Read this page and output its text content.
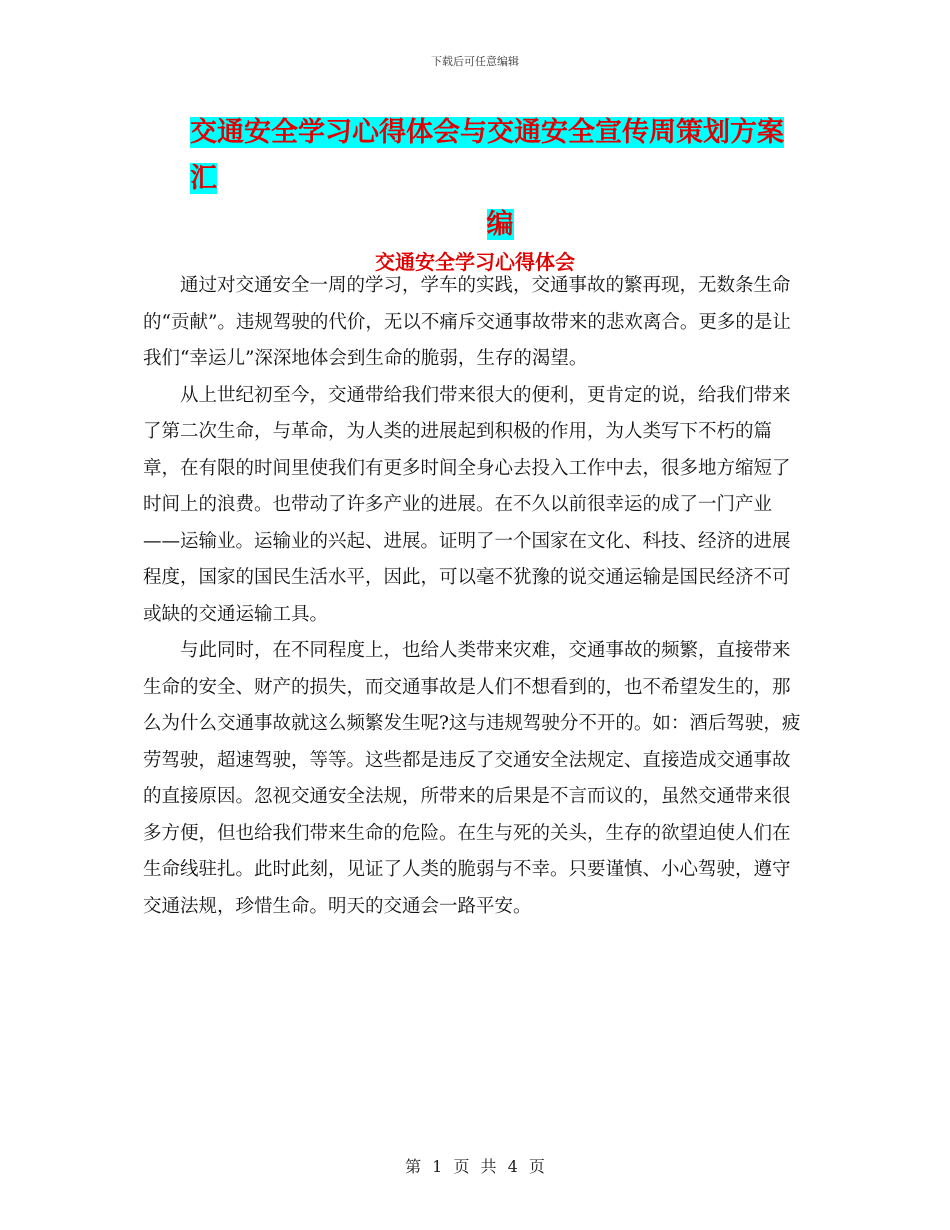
下载后可任意编辑
交通安全学习心得体会与交通安全宣传周策划方案汇
编
交通安全学习心得体会

通过对交通安全一周的学习，学车的实践，交通事故的繁再现，无数条生命的“贡献”。违规驾驶的代价，无以不痛斥交通事故带来的悲欢离合。更多的是让我们“幸运儿”深深地体会到生命的脆弱，生存的渴望。

从上世纪初至今，交通带给我们带来很大的便利，更肯定的说，给我们带来了第二次生命，与革命，为人类的进展起到积极的作用，为人类写下不朽的篇章，在有限的时间里使我们有更多时间全身心去投入工作中去，很多地方缩短了时间上的浪费。也带动了许多产业的进展。在不久以前很幸运的成了一门产业——运输业。运输业的兴起、进展。证明了一个国家在文化、科技、经济的进展程度，国家的国民生活水平，因此，可以毫不犹豫的说交通运输是国民经济不可或缺的交通运输工具。

与此同时，在不同程度上，也给人类带来灾难，交通事故的频繁，直接带来生命的安全、财产的损失，而交通事故是人们不想看到的，也不希望发生的，那么为什么交通事故就这么频繁发生呢?这与违规驾驶分不开的。如：酒后驾驶，疲劳驾驶，超速驾驶，等等。这些都是违反了交通安全法规定、直接造成交通事故的直接原因。忽视交通安全法规，所带来的后果是不言而议的，虽然交通带来很多方便，但也给我们带来生命的危险。在生与死的关头，生存的欲望迫使人们在生命线驻扎。此时此刻，见证了人类的脆弱与不幸。只要谨慎、小心驾驶，遵守交通法规，珍惜生命。明天的交通会一路平安。

第 1 页 共 4 页
